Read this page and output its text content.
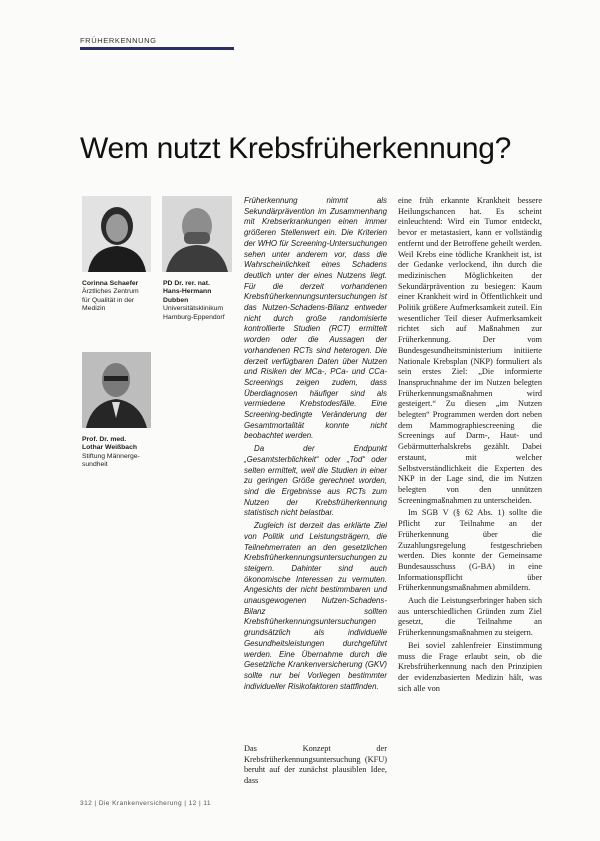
FRÜHERKENNUNG
Wem nutzt Krebsfrüherkennung?
Corinna Schaefer
Ärztliches Zentrum
für Qualität in der
Medizin
PD Dr. rer. nat.
Hans-Hermann
Dubben
Universitätsklinikum
Hamburg-Eppendorf
Prof. Dr. med.
Lothar Weißbach
Stiftung Männerge-
sundheit

Früherkennung nimmt als Sekundärprävention im Zusammenhang mit Krebserkrankungen einen immer größeren Stellenwert ein. Die Kriterien der WHO für Screening-Untersuchungen sehen unter anderem vor, dass die Wahrscheinlichkeit eines Schadens deutlich unter der eines Nutzens liegt. Für die derzeit vorhandenen Krebsfrüherkennungsuntersuchungen ist das Nutzen-Schadens-Bilanz entweder nicht durch große randomisierte kontrollierte Studien (RCT) ermittelt worden oder die Aussagen der vorhandenen RCTs sind heterogen. Die derzeit verfügbaren Daten über Nutzen und Risiken der MCa-, PCa- und CCa-Screenings zeigen zudem, dass Überdiagnosen häufiger sind als vermiedene Krebstodesfälle. Eine Screening-bedingte Veränderung der Gesamtmortalität konnte nicht beobachtet werden.

Da der Endpunkt „Gesamtsterblichkeit“ oder „Tod“ oder selten ermittelt, weil die Studien in einer zu geringen Größe gerechnet worden, sind die Ergebnisse aus RCTs zum Nutzen der Krebsfrüherkennung statistisch nicht belastbar.

Zugleich ist derzeit das erklärte Ziel von Politik und Leistungsträgern, die Teilnehmerraten an den gesetzlichen Krebsfrüherkennungsuntersuchungen zu steigern. Dahinter sind auch ökonomische Interessen zu vermuten. Angesichts der nicht bestimmbaren und unausgewogenen Nutzen-Schadens-Bilanz sollten Krebsfrüherkennungsuntersuchungen grundsätzlich als individuelle Gesundheitsleistungen durchgeführt werden. Eine Übernahme durch die Gesetzliche Krankenversicherung (GKV) sollte nur bei Vorliegen bestimmter individueller Risikofaktoren stattfinden.

Das Konzept der Krebsfrüherkennungsuntersuchung (KFU) beruht auf der zunächst plausiblen Idee, dass

eine früh erkannte Krankheit bessere Heilungschancen hat. Es scheint einleuchtend: Wird ein Tumor entdeckt, bevor er metastasiert, kann er vollständig entfernt und der Betroffene geheilt werden. Weil Krebs eine tödliche Krankheit ist, ist der Gedanke verlockend, ihn durch die medizinischen Möglichkeiten der Sekundärprävention zu besiegen: Kaum einer Krankheit wird in Öffentlichkeit und Politik größere Aufmerksamkeit zuteil. Ein wesentlicher Teil dieser Aufmerksamkeit richtet sich auf Maßnahmen zur Früherkennung. Der vom Bundesgesundheitsministerium initiierte Nationale Krebsplan (NKP) formuliert als sein erstes Ziel: „Die informierte Inanspruchnahme der im Nutzen belegten Früherkennungsmaßnahmen wird gesteigert.“ Zu diesen „im Nutzen belegten“ Programmen werden dort neben dem Mammographiescreening die Screenings auf Darm-, Haut- und Gebärmutterhalskrebs gezählt. Dabei erstaunt, mit welcher Selbstverständlichkeit die Experten des NKP in der Lage sind, die im Nutzen belegten von den unnützen Screeningmaßnahmen zu unterscheiden.

Im SGB V (§ 62 Abs. 1) sollte die Pflicht zur Teilnahme an der Früherkennung über die Zuzahlungsregelung festgeschrieben werden. Dies konnte der Gemeinsame Bundesausschuss (G-BA) in eine Informationspflicht über Früherkennungsmaßnahmen abmildern.

Auch die Leistungserbringer haben sich aus unterschiedlichen Gründen zum Ziel gesetzt, die Teilnahme an Früherkennungsmaßnahmen zu steigern.

Bei soviel zahlenfreier Einstimmung muss die Frage erlaubt sein, ob die Krebsfrüherkennung nach den Prinzipien der evidenzbasierten Medizin hält, was sich alle von

312 | Die Krankenversicherung | 12 | 11
